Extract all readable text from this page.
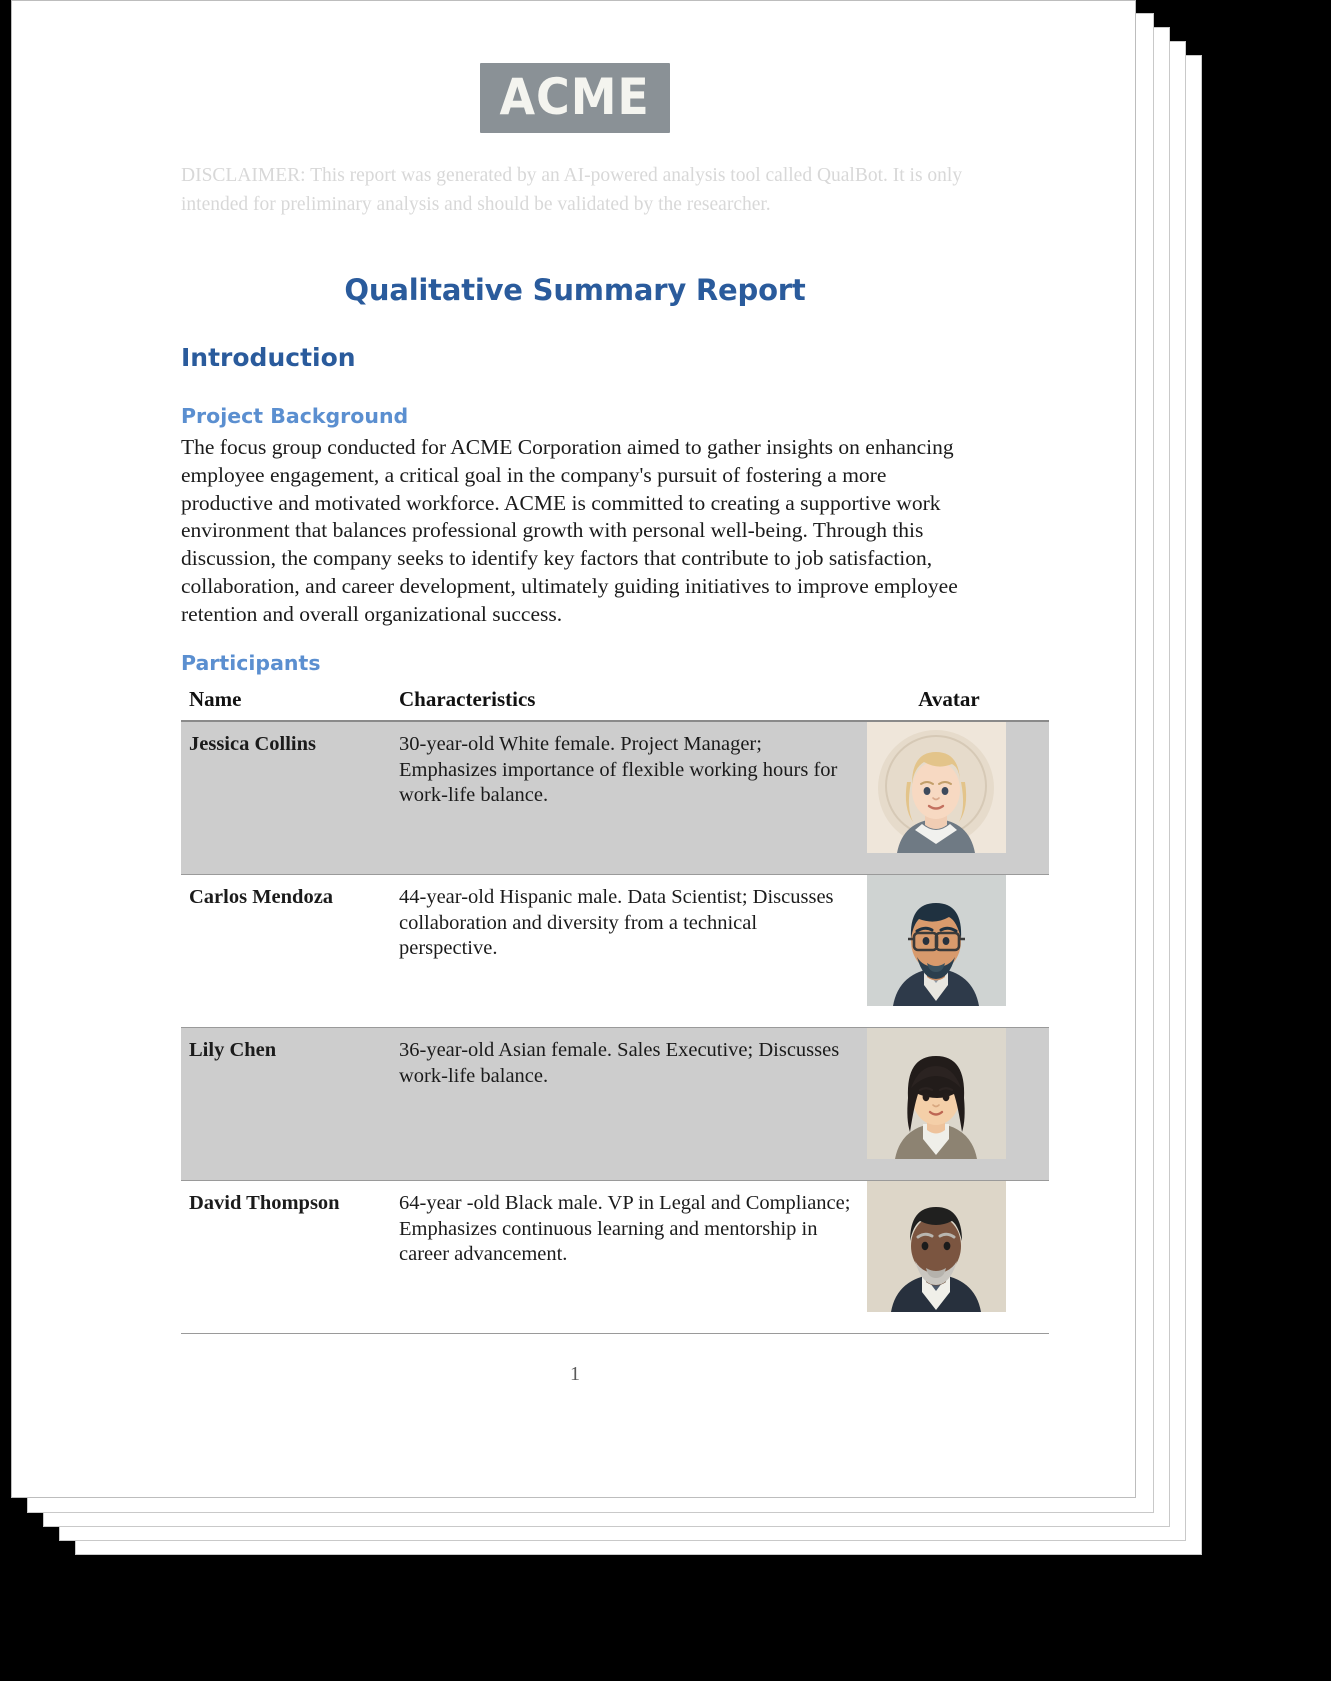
ACME
DISCLAIMER: This report was generated by an AI-powered analysis tool called QualBot. It is only intended for preliminary analysis and should be validated by the researcher.
Qualitative Summary Report
Introduction
Project Background
The focus group conducted for ACME Corporation aimed to gather insights on enhancing employee engagement, a critical goal in the company's pursuit of fostering a more productive and motivated workforce. ACME is committed to creating a supportive work environment that balances professional growth with personal well-being. Through this discussion, the company seeks to identify key factors that contribute to job satisfaction, collaboration, and career development, ultimately guiding initiatives to improve employee retention and overall organizational success.
Participants
Name	Characteristics	Avatar
Jessica Collins	30-year-old White female. Project Manager; Emphasizes importance of flexible working hours for work-life balance.	

Carlos Mendoza	44-year-old Hispanic male. Data Scientist; Discusses collaboration and diversity from a technical perspective.	

Lily Chen	36-year-old Asian female. Sales Executive; Discusses work-life balance.	

David Thompson	64-year -old Black male. VP in Legal and Compliance; Emphasizes continuous learning and mentorship in career advancement.	
1
